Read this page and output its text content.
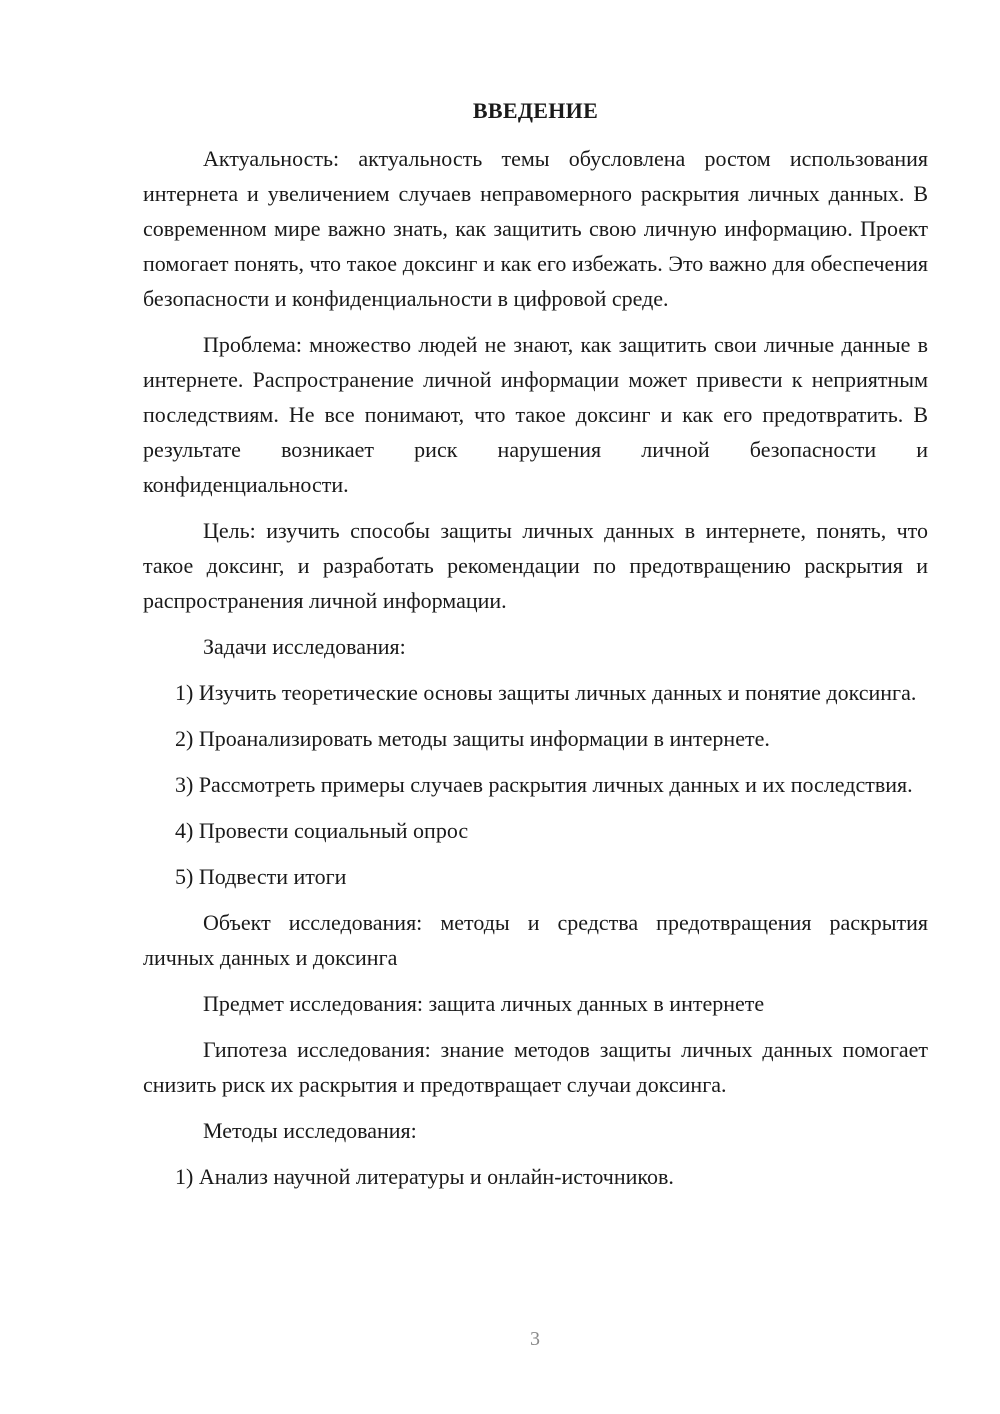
ВВЕДЕНИЕ

Актуальность: актуальность темы обусловлена ростом использования интернета и увеличением случаев неправомерного раскрытия личных данных. В современном мире важно знать, как защитить свою личную информацию. Проект помогает понять, что такое доксинг и как его избежать. Это важно для обеспечения безопасности и конфиденциальности в цифровой среде.

Проблема: множество людей не знают, как защитить свои личные данные в интернете. Распространение личной информации может привести к неприятным последствиям. Не все понимают, что такое доксинг и как его предотвратить. В результате возникает риск нарушения личной безопасности и конфиденциальности.

Цель: изучить способы защиты личных данных в интернете, понять, что такое доксинг, и разработать рекомендации по предотвращению раскрытия и распространения личной информации.

Задачи исследования:

1) Изучить теоретические основы защиты личных данных и понятие доксинга.

2) Проанализировать методы защиты информации в интернете.

3) Рассмотреть примеры случаев раскрытия личных данных и их последствия.

4) Провести социальный опрос

5) Подвести итоги

Объект исследования: методы и средства предотвращения раскрытия личных данных и доксинга

Предмет исследования: защита личных данных в интернете

Гипотеза исследования: знание методов защиты личных данных помогает снизить риск их раскрытия и предотвращает случаи доксинга.

Методы исследования:

1) Анализ научной литературы и онлайн-источников.

3
